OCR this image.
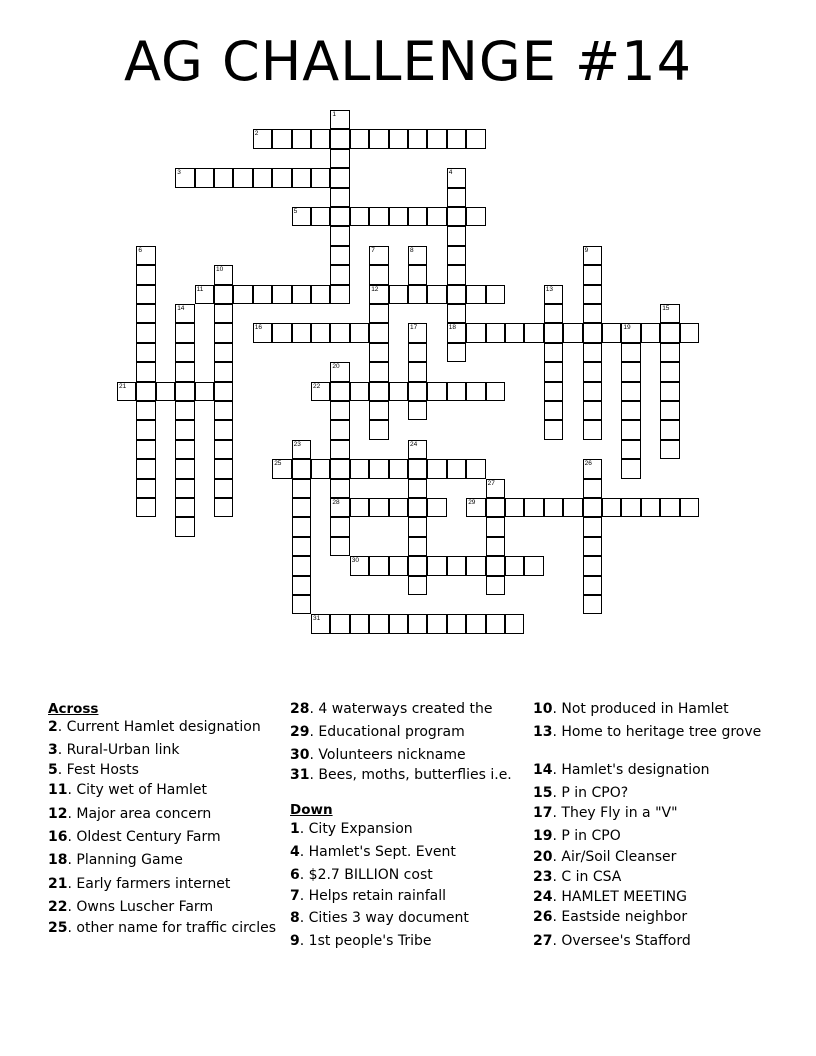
AG CHALLENGE #14
1
2
3	4
18
5
6	7
12
8	9
10
11	13
14	15
16	17	19
20
28
21	22
23	24
25	26
27
29
30
31
Across
Down
2. Current Hamlet designation
3. Rural-Urban link
5. Fest Hosts
11. City wet of Hamlet
12. Major area concern
16. Oldest Century Farm
18. Planning Game
21. Early farmers internet
22. Owns Luscher Farm
25. other name for traffic circles
28. 4 waterways created the
29. Educational program
30. Volunteers nickname
31. Bees, moths, butterflies i.e.
1. City Expansion
4. Hamlet's Sept. Event
6. $2.7 BILLION cost
7. Helps retain rainfall
8. Cities 3 way document
9. 1st people's Tribe
10. Not produced in Hamlet
13. Home to heritage tree grove
14. Hamlet's designation
15. P in CPO?
17. They Fly in a "V"
19. P in CPO
20. Air/Soil Cleanser
23. C in CSA
24. HAMLET MEETING
26. Eastside neighbor
27. Oversee's Stafford
